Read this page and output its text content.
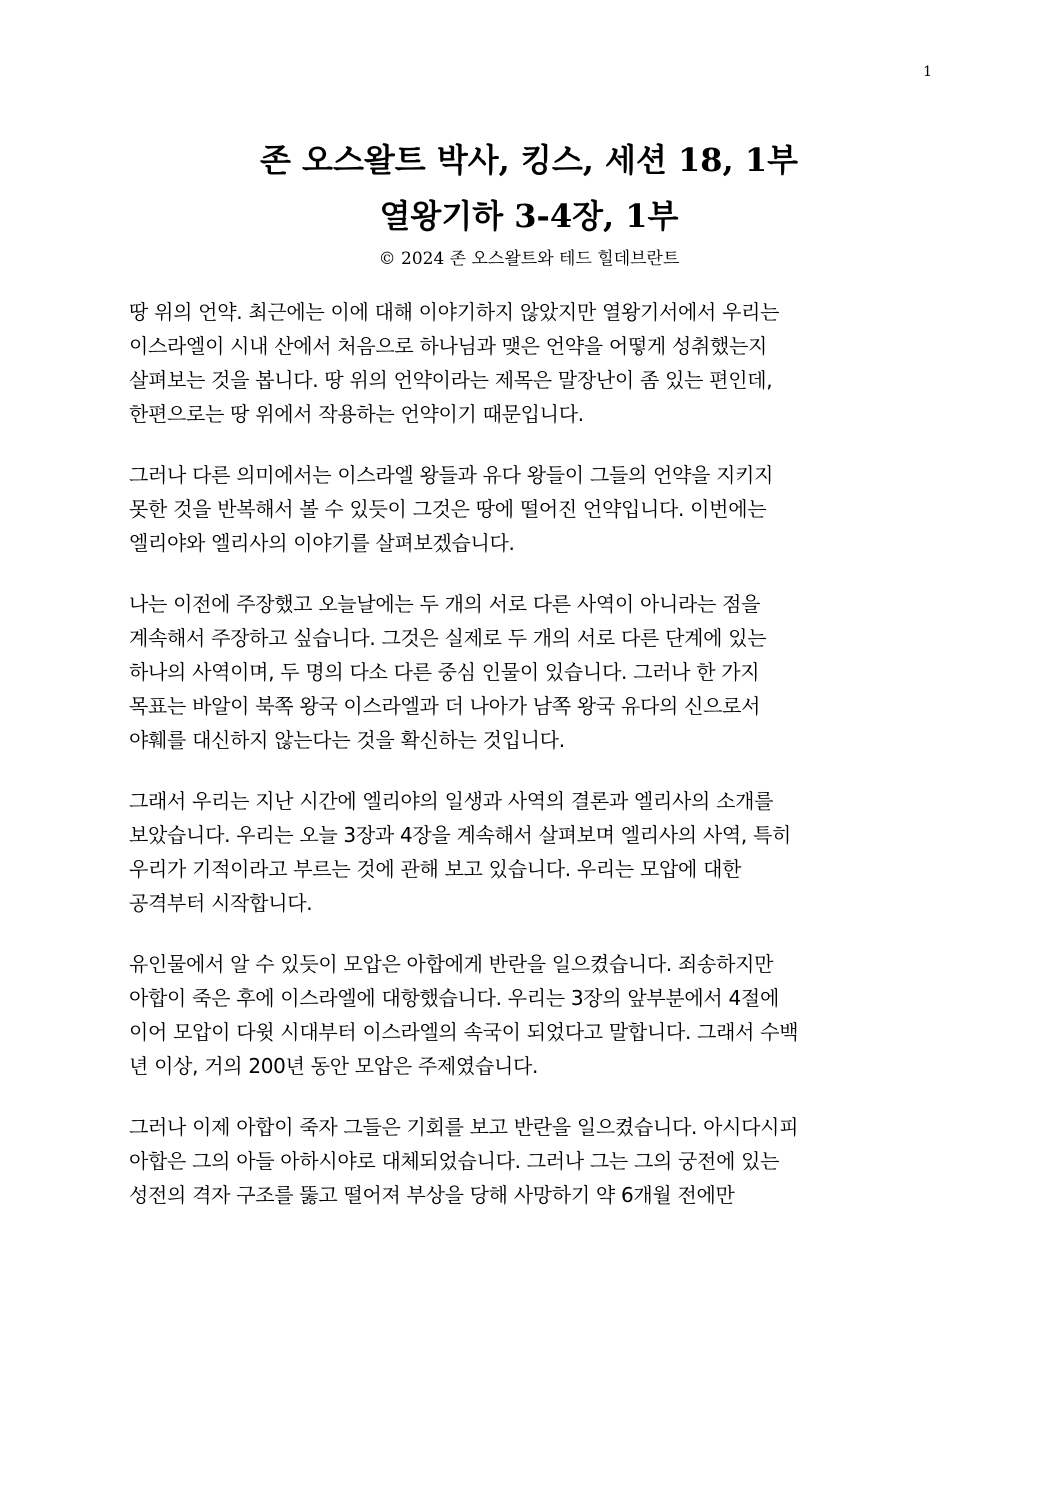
1
존 오스왈트 박사, 킹스, 세션 18, 1부
열왕기하 3-4장, 1부
© 2024 존 오스왈트와 테드 힐데브란트

땅 위의 언약. 최근에는 이에 대해 이야기하지 않았지만 열왕기서에서 우리는
이스라엘이 시내 산에서 처음으로 하나님과 맺은 언약을 어떻게 성취했는지
살펴보는 것을 봅니다. 땅 위의 언약이라는 제목은 말장난이 좀 있는 편인데,
한편으로는 땅 위에서 작용하는 언약이기 때문입니다.

그러나 다른 의미에서는 이스라엘 왕들과 유다 왕들이 그들의 언약을 지키지
못한 것을 반복해서 볼 수 있듯이 그것은 땅에 떨어진 언약입니다. 이번에는
엘리야와 엘리사의 이야기를 살펴보겠습니다.

나는 이전에 주장했고 오늘날에는 두 개의 서로 다른 사역이 아니라는 점을
계속해서 주장하고 싶습니다. 그것은 실제로 두 개의 서로 다른 단계에 있는
하나의 사역이며, 두 명의 다소 다른 중심 인물이 있습니다. 그러나 한 가지
목표는 바알이 북쪽 왕국 이스라엘과 더 나아가 남쪽 왕국 유다의 신으로서
야훼를 대신하지 않는다는 것을 확신하는 것입니다.

그래서 우리는 지난 시간에 엘리야의 일생과 사역의 결론과 엘리사의 소개를
보았습니다. 우리는 오늘 3장과 4장을 계속해서 살펴보며 엘리사의 사역, 특히
우리가 기적이라고 부르는 것에 관해 보고 있습니다. 우리는 모압에 대한
공격부터 시작합니다.

유인물에서 알 수 있듯이 모압은 아합에게 반란을 일으켰습니다. 죄송하지만
아합이 죽은 후에 이스라엘에 대항했습니다. 우리는 3장의 앞부분에서 4절에
이어 모압이 다윗 시대부터 이스라엘의 속국이 되었다고 말합니다. 그래서 수백
년 이상, 거의 200년 동안 모압은 주제였습니다.

그러나 이제 아합이 죽자 그들은 기회를 보고 반란을 일으켰습니다. 아시다시피
아합은 그의 아들 아하시야로 대체되었습니다. 그러나 그는 그의 궁전에 있는
성전의 격자 구조를 뚫고 떨어져 부상을 당해 사망하기 약 6개월 전에만
